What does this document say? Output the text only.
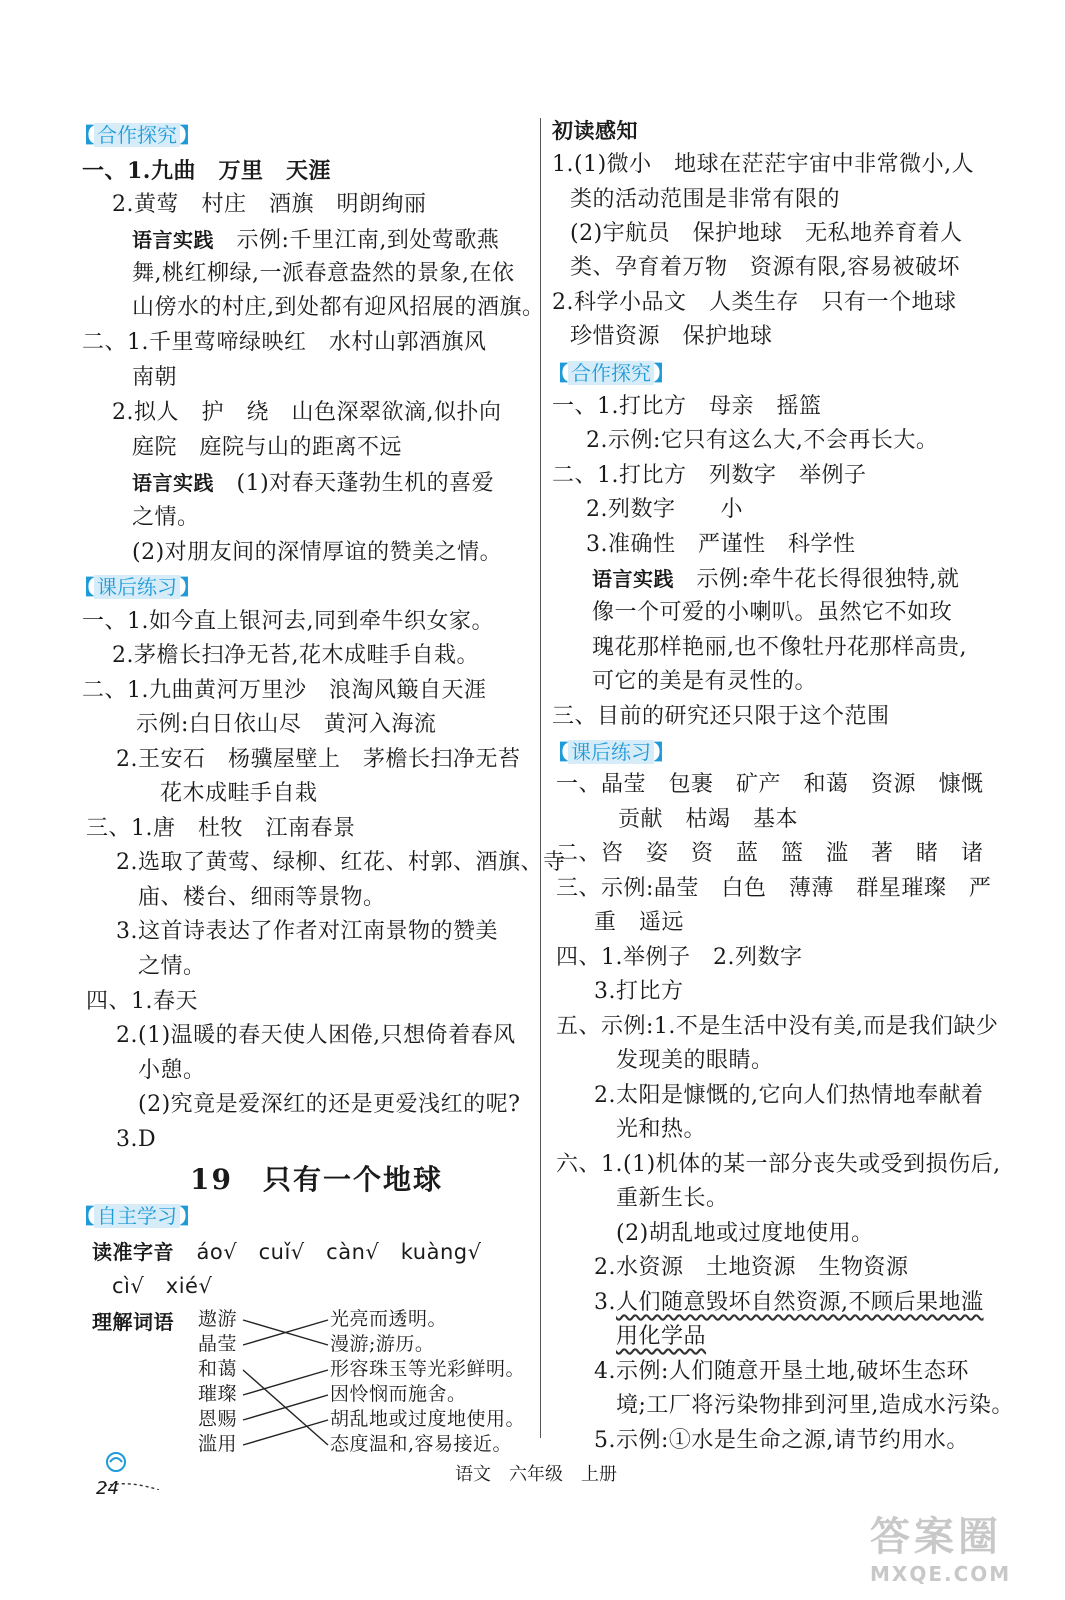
【 合作探究 】
一、1.九曲　万里　天涯
2.黄莺　村庄　酒旗　明朗绚丽
语言实践　示例:千里江南,到处莺歌燕
舞,桃红柳绿,一派春意盎然的景象,在依
山傍水的村庄,到处都有迎风招展的酒旗。
二、1.千里莺啼绿映红　水村山郭酒旗风
南朝
2.拟人　护　绕　山色深翠欲滴,似扑向
庭院　庭院与山的距离不远
语言实践　(1)对春天蓬勃生机的喜爱
之情。
(2)对朋友间的深情厚谊的赞美之情。
【 课后练习 】
一、1.如今直上银河去,同到牵牛织女家。
2.茅檐长扫净无苔,花木成畦手自栽。
二、1.九曲黄河万里沙　浪淘风簸自天涯
示例:白日依山尽　黄河入海流
2.王安石　杨骥屋壁上　茅檐长扫净无苔
花木成畦手自栽
三、1.唐　杜牧　江南春景
2.选取了黄莺、绿柳、红花、村郭、酒旗、寺
庙、楼台、细雨等景物。
3.这首诗表达了作者对江南景物的赞美
之情。
四、1.春天
2.(1)温暖的春天使人困倦,只想倚着春风
小憩。
(2)究竟是爱深红的还是更爱浅红的呢?
3.D
19　只有一个地球
【 自主学习 】
读准字音　 áo√　cuǐ√　càn√　kuàng√
cì√　xié√
理解词语 遨游
晶莹
和蔼
璀璨
恩赐
滥用
光亮而透明。
漫游;游历。
形容珠玉等光彩鲜明。
因怜悯而施舍。
胡乱地或过度地使用。
态度温和,容易接近。
初读感知
1.(1)微小　地球在茫茫宇宙中非常微小,人
类的活动范围是非常有限的
(2)宇航员　保护地球　无私地养育着人
类、孕育着万物　资源有限,容易被破坏
2.科学小品文　人类生存　只有一个地球
珍惜资源　保护地球
【 合作探究 】
一、1.打比方　母亲　摇篮
2.示例:它只有这么大,不会再长大。
二、1.打比方　列数字　举例子
2.列数字　　小
3.准确性　严谨性　科学性
语言实践　示例:牵牛花长得很独特,就
像一个可爱的小喇叭。虽然它不如玫
瑰花那样艳丽,也不像牡丹花那样高贵,
可它的美是有灵性的。
三、目前的研究还只限于这个范围
【 课后练习 】
一、晶莹　包裹　矿产　和蔼　资源　慷慨
贡献　枯竭　基本
二、咨　姿　资　蓝　篮　滥　著　睹　诸
三、示例:晶莹　白色　薄薄　群星璀璨　严
重　遥远
四、1.举例子　2.列数字
3.打比方
五、示例:1.不是生活中没有美,而是我们缺少
发现美的眼睛。
2.太阳是慷慨的,它向人们热情地奉献着
光和热。
六、1.(1)机体的某一部分丧失或受到损伤后,
重新生长。
(2)胡乱地或过度地使用。
2.水资源　土地资源　生物资源
3.人们随意毁坏自然资源,不顾后果地滥
用化学品
4.示例:人们随意开垦土地,破坏生态环
境;工厂将污染物排到河里,造成水污染。
5.示例:①水是生命之源,请节约用水。
24
语文　六年级　上册
答案圈
MXQE.COM
